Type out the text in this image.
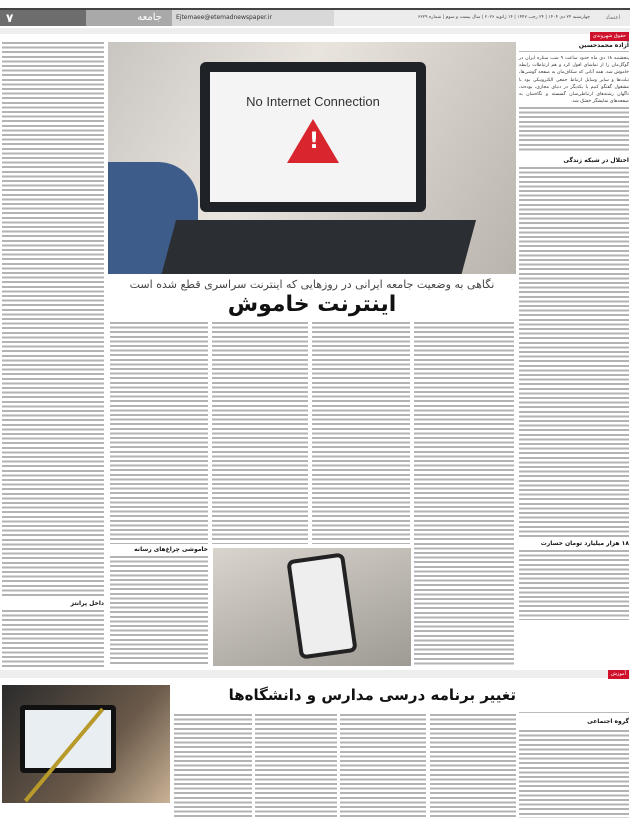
۷	جامعه	Ejtemaee@etemadnewspaper.ir	چهارشنبه ۲۴ دی ۱۴۰۴ | ۲۴ رجب ۱۴۴۷ | ۱۴ ژانویه ۲۰۲۶ | سال بیست و سوم | شماره ۶۲۲۹	اعتماد
حقوق شهروندی
آزاده محمدحسین
پنجشنبه ۱۸ دی ماه حدود ساعت ۹ شب ستاره ایران در گوگل‌مان را از تماشای افول کرد و هم ارتباطات رابطه خاموش شد. همه آنانی که شکاف‌مان به صفحه گوشی‌ها، تبلت‌ها و سایر وسایل ارتباط جمعی الکترونیکی بود با مشغول گفتگو کنیم یا یکدیگر در دنیای مجازی، بوده‌ند، ناگهان رشته‌های ارتباطی‌شان گسسته و نگاه‌شان به صفحه‌های نمایشگر خشک شد.
اختلال در شبکه زندگی
۱۸ هزار میلیارد تومان خسارت
داخل پرانتز
No Internet Connection
!
نگاهی به وضعیت جامعه ایرانی در روزهایی که اینترنت سراسری قطع شده است
اینترنت خاموش
خاموشی چراغ‌های رسانه
آموزش
تغییر برنامه درسی مدارس و دانشگاه‌ها
گروه اجتماعی
